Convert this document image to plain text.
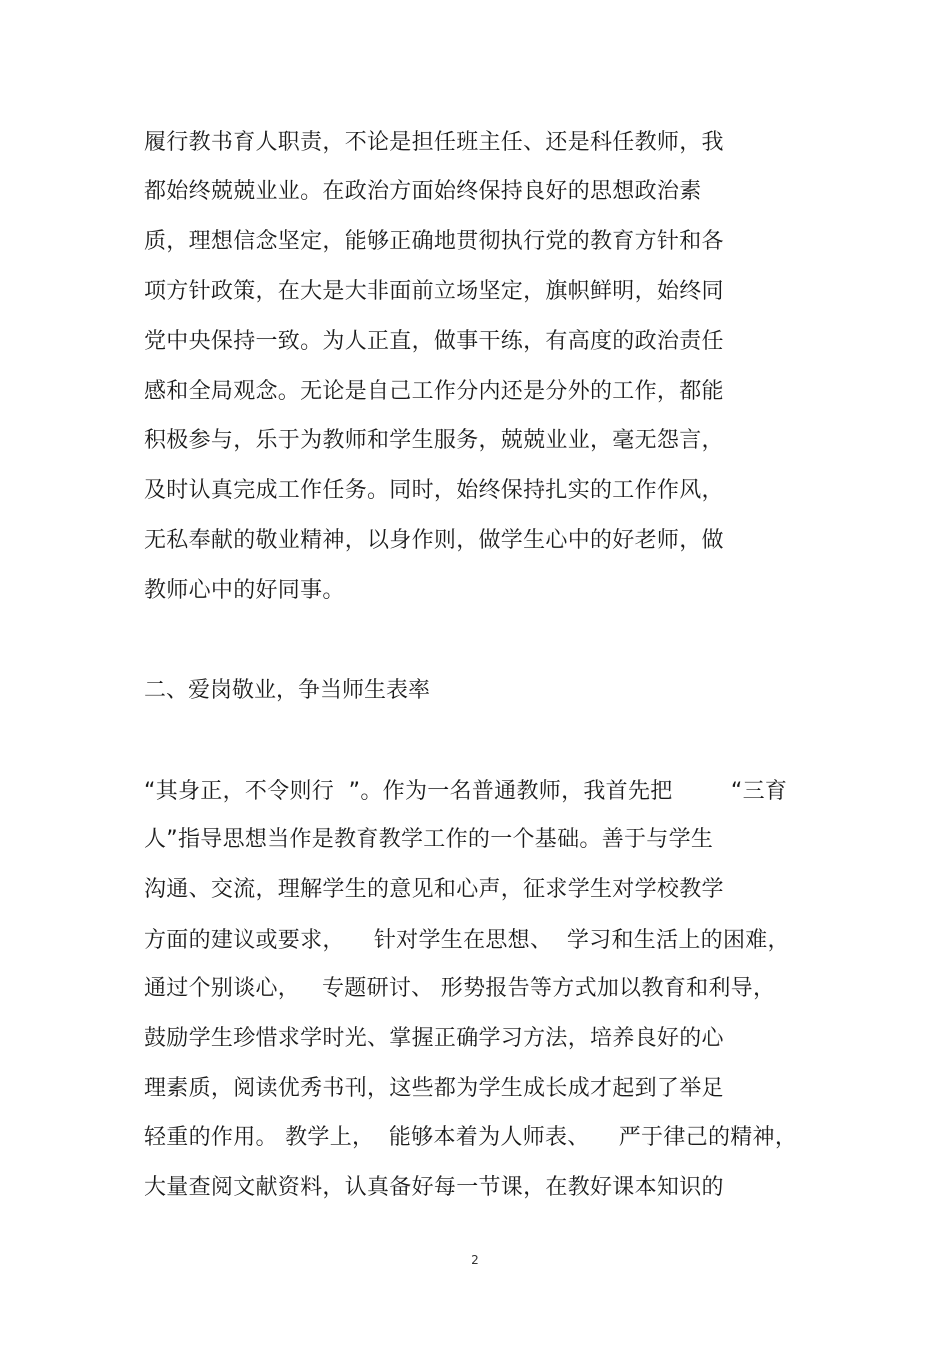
履行教书育人职责，不论是担任班主任、还是科任教师，我
都始终兢兢业业。在政治方面始终保持良好的思想政治素
质，理想信念坚定，能够正确地贯彻执行党的教育方针和各
项方针政策，在大是大非面前立场坚定，旗帜鲜明，始终同
党中央保持一致。为人正直，做事干练，有高度的政治责任
感和全局观念。无论是自己工作分内还是分外的工作，都能
积极参与，乐于为教师和学生服务，兢兢业业，毫无怨言，
及时认真完成工作任务。同时，始终保持扎实的工作作风，
无私奉献的敬业精神，以身作则，做学生心中的好老师，做
教师心中的好同事。
二、爱岗敬业，争当师生表率
“其身正，不令则行  ”。作为一名普通教师，我首先把        “三育
人”指导思想当作是教育教学工作的一个基础。善于与学生
沟通、交流，理解学生的意见和心声，征求学生对学校教学
方面的建议或要求，    针对学生在思想、  学习和生活上的困难，
通过个别谈心，   专题研讨、 形势报告等方式加以教育和利导，
鼓励学生珍惜求学时光、掌握正确学习方法，培养良好的心
理素质，阅读优秀书刊，这些都为学生成长成才起到了举足
轻重的作用。 教学上，  能够本着为人师表、    严于律己的精神，
大量查阅文献资料，认真备好每一节课，在教好课本知识的
2
